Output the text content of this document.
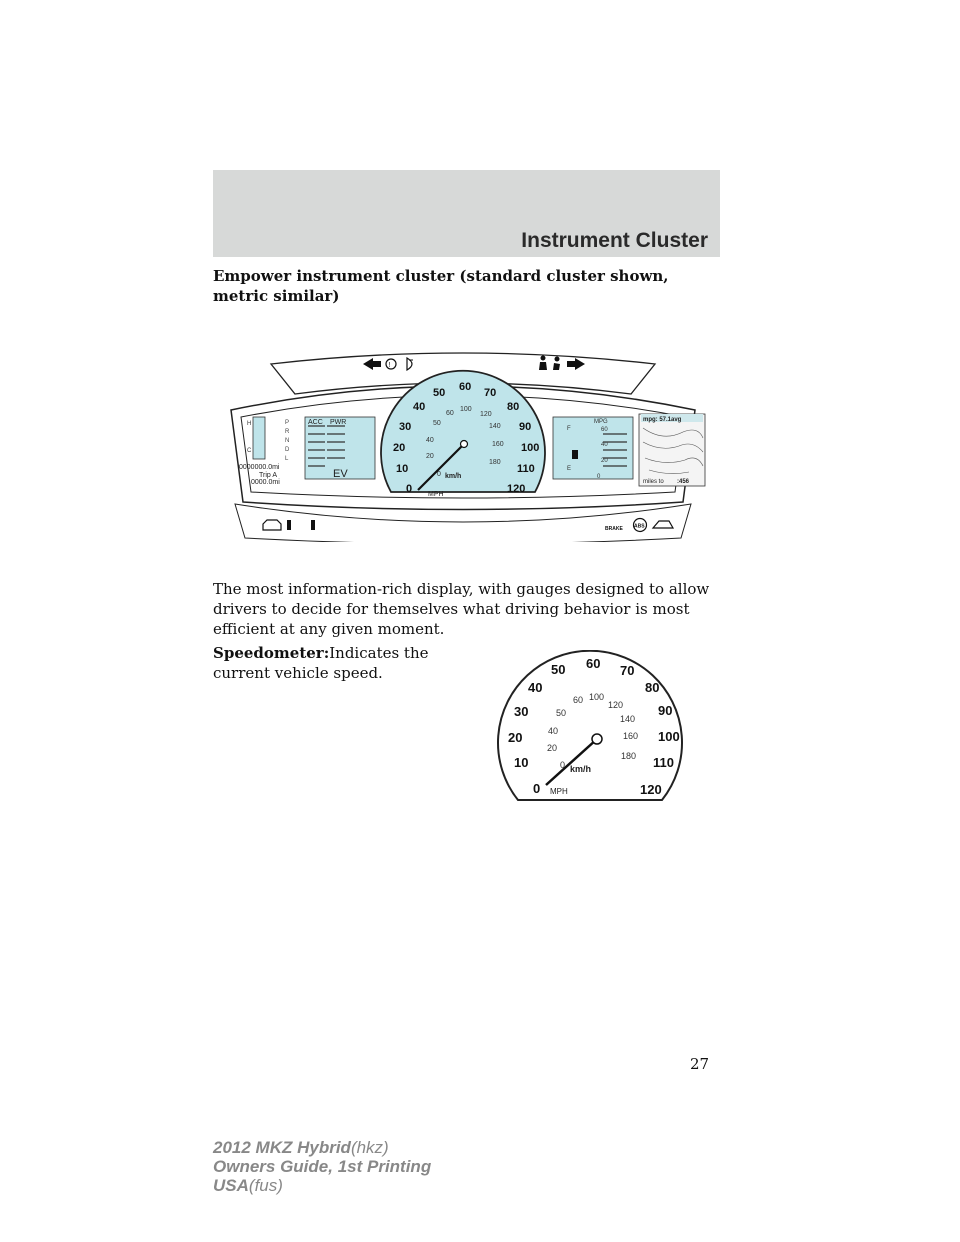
Instrument Cluster
Empower instrument cluster (standard cluster shown, metric similar)
!
H
C
P
R
N
D
L
0000000.0mi
Trip A
0000.0mi
ACC PWR
EV
0
10
20
30
40
50 60 70
80
90
100
110
120
0
20
40
50
60
100
120
140
160
180
km/h
MPH
F
E
MPG
60
40
20
0
mpg: 57.1avg
miles to :456
BRAKE ABS
The most information-rich display, with gauges designed to allow drivers to decide for themselves what driving behavior is most efficient at any given moment.
Speedometer:Indicates the current vehicle speed.
0
10
20
30
40
50 60 70
80
90
100
110
120
0
20
40
50
60 100
120
140
160
180
km/h
MPH
27
2012 MKZ Hybrid(hkz)
Owners Guide, 1st Printing
USA(fus)
